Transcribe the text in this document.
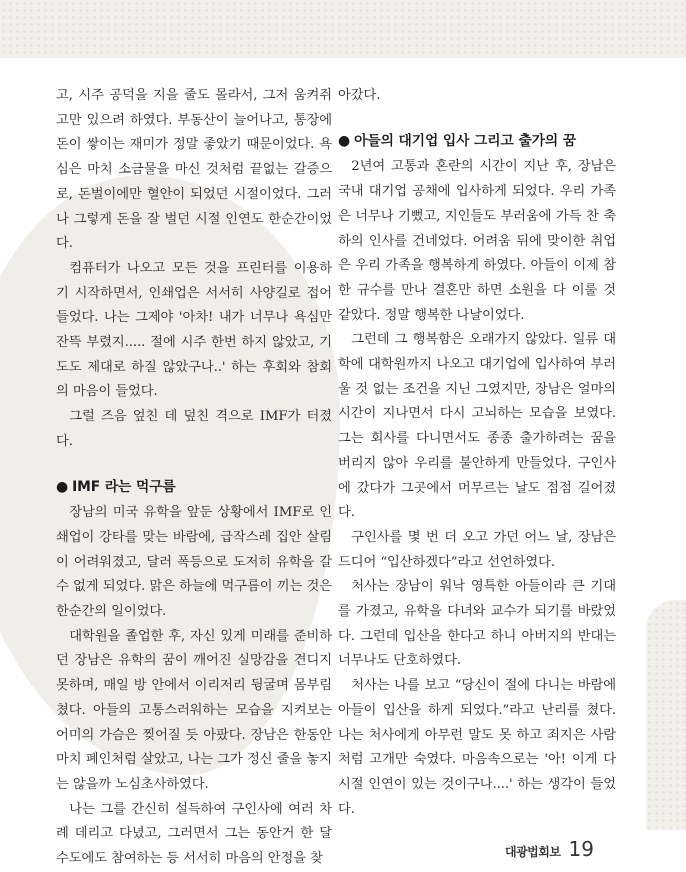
고, 시주 공덕을 지을 줄도 몰라서, 그저 움켜쥐고만 있으려 하였다. 부동산이 늘어나고, 통장에 돈이 쌓이는 재미가 정말 좋았기 때문이었다. 욕심은 마치 소금물을 마신 것처럼 끝없는 갈증으로, 돈벌이에만 혈안이 되었던 시절이었다. 그러나 그렇게 돈을 잘 벌던 시절 인연도 한순간이었다.

컴퓨터가 나오고 모든 것을 프린터를 이용하기 시작하면서, 인쇄업은 서서히 사양길로 접어들었다. 나는 그제야 '아차! 내가 너무나 욕심만 잔뜩 부렸지..... 절에 시주 한번 하지 않았고, 기도도 제대로 하질 않았구나..' 하는 후회와 참회의 마음이 들었다.

그럴 즈음 엎친 데 덮친 격으로 IMF가 터졌다.

● IMF 라는 먹구름

장남의 미국 유학을 앞둔 상황에서 IMF로 인쇄업이 강타를 맞는 바람에, 급작스레 집안 살림이 어려워졌고, 달러 폭등으로 도저히 유학을 갈 수 없게 되었다. 맑은 하늘에 먹구름이 끼는 것은 한순간의 일이었다.

대학원을 졸업한 후, 자신 있게 미래를 준비하던 장남은 유학의 꿈이 깨어진 실망감을 견디지 못하며, 매일 방 안에서 이리저리 뒹굴며 몸부림쳤다. 아들의 고통스러워하는 모습을 지켜보는 어미의 가슴은 찢어질 듯 아팠다. 장남은 한동안 마치 폐인처럼 살았고, 나는 그가 정신 줄을 놓지는 않을까 노심초사하였다.

나는 그를 간신히 설득하여 구인사에 여러 차례 데리고 다녔고, 그러면서 그는 동안거 한 달 수도에도 참여하는 등 서서히 마음의 안정을 찾

아갔다.

● 아들의 대기업 입사 그리고 출가의 꿈

2년여 고통과 혼란의 시간이 지난 후, 장남은 국내 대기업 공채에 입사하게 되었다. 우리 가족은 너무나 기뻤고, 지인들도 부러움에 가득 찬 축하의 인사를 건네었다. 어려움 뒤에 맞이한 취업은 우리 가족을 행복하게 하였다. 아들이 이제 참한 규수를 만나 결혼만 하면 소원을 다 이룰 것 같았다. 정말 행복한 나날이었다.

그런데 그 행복함은 오래가지 않았다. 일류 대학에 대학원까지 나오고 대기업에 입사하여 부러울 것 없는 조건을 지닌 그였지만, 장남은 얼마의 시간이 지나면서 다시 고뇌하는 모습을 보였다. 그는 회사를 다니면서도 종종 출가하려는 꿈을 버리지 않아 우리를 불안하게 만들었다. 구인사에 갔다가 그곳에서 머무르는 날도 점점 길어졌다.

구인사를 몇 번 더 오고 가던 어느 날, 장남은 드디어 “입산하겠다”라고 선언하였다.

처사는 장남이 워낙 영특한 아들이라 큰 기대를 가졌고, 유학을 다녀와 교수가 되기를 바랐었다. 그런데 입산을 한다고 하니 아버지의 반대는 너무나도 단호하였다.

처사는 나를 보고 “당신이 절에 다니는 바람에 아들이 입산을 하게 되었다.”라고 난리를 쳤다. 나는 처사에게 아무런 말도 못 하고 죄지은 사람처럼 고개만 숙였다. 마음속으로는 '아! 이게 다 시절 인연이 있는 것이구나....' 하는 생각이 들었다.

대광법회보 19
